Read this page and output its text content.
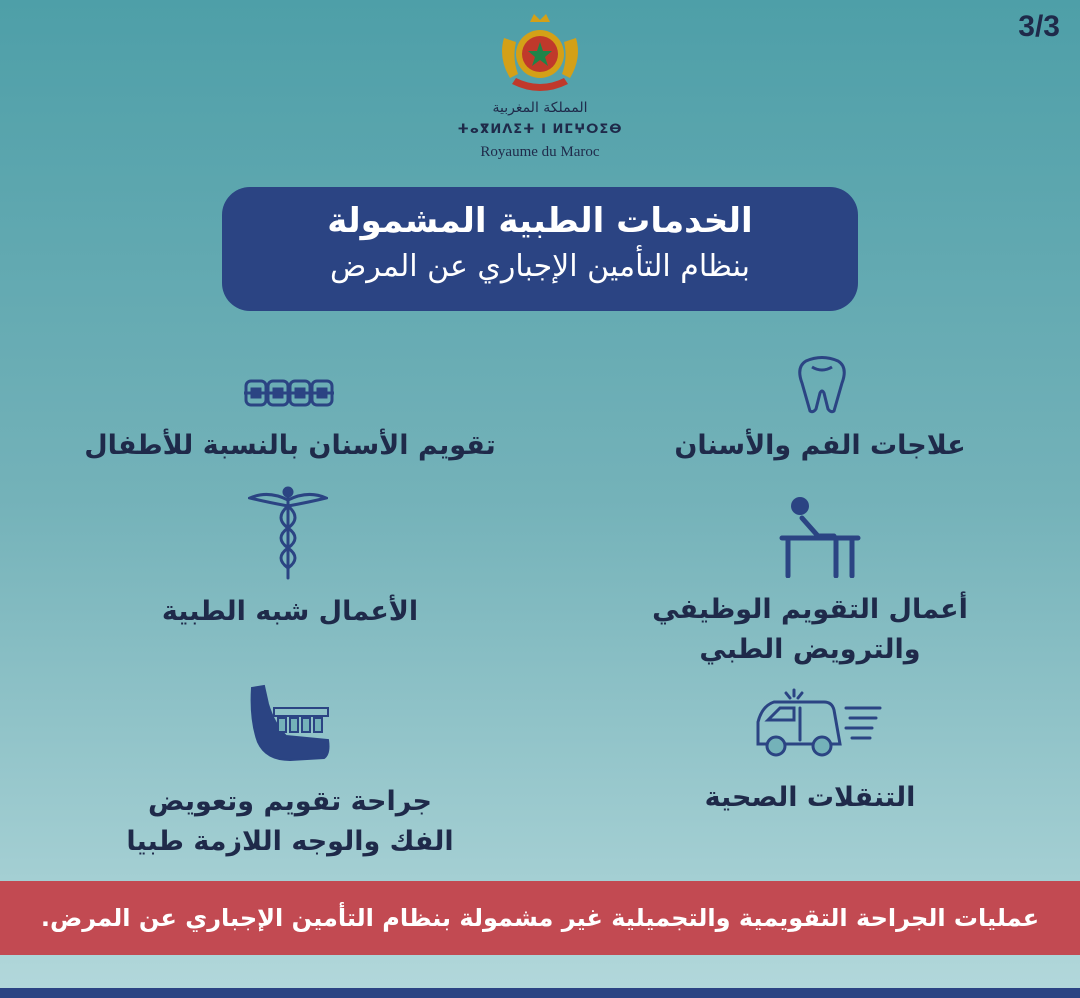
3/3
المملكة المغربية
ⵜⴰⴳⵍⴷⵉⵜ ⵏ ⵍⵎⵖⵔⵉⴱ
Royaume du Maroc
الخدمات الطبية المشمولة
بنظام التأمين الإجباري عن المرض
علاجات الفم والأسنان
تقويم الأسنان بالنسبة للأطفال
أعمال التقويم الوظيفي
والترويض الطبي
الأعمال شبه الطبية
التنقلات الصحية
جراحة تقويم وتعويض
الفك والوجه اللازمة طبيا
عمليات الجراحة التقويمية والتجميلية غير مشمولة بنظام التأمين الإجباري عن المرض.
